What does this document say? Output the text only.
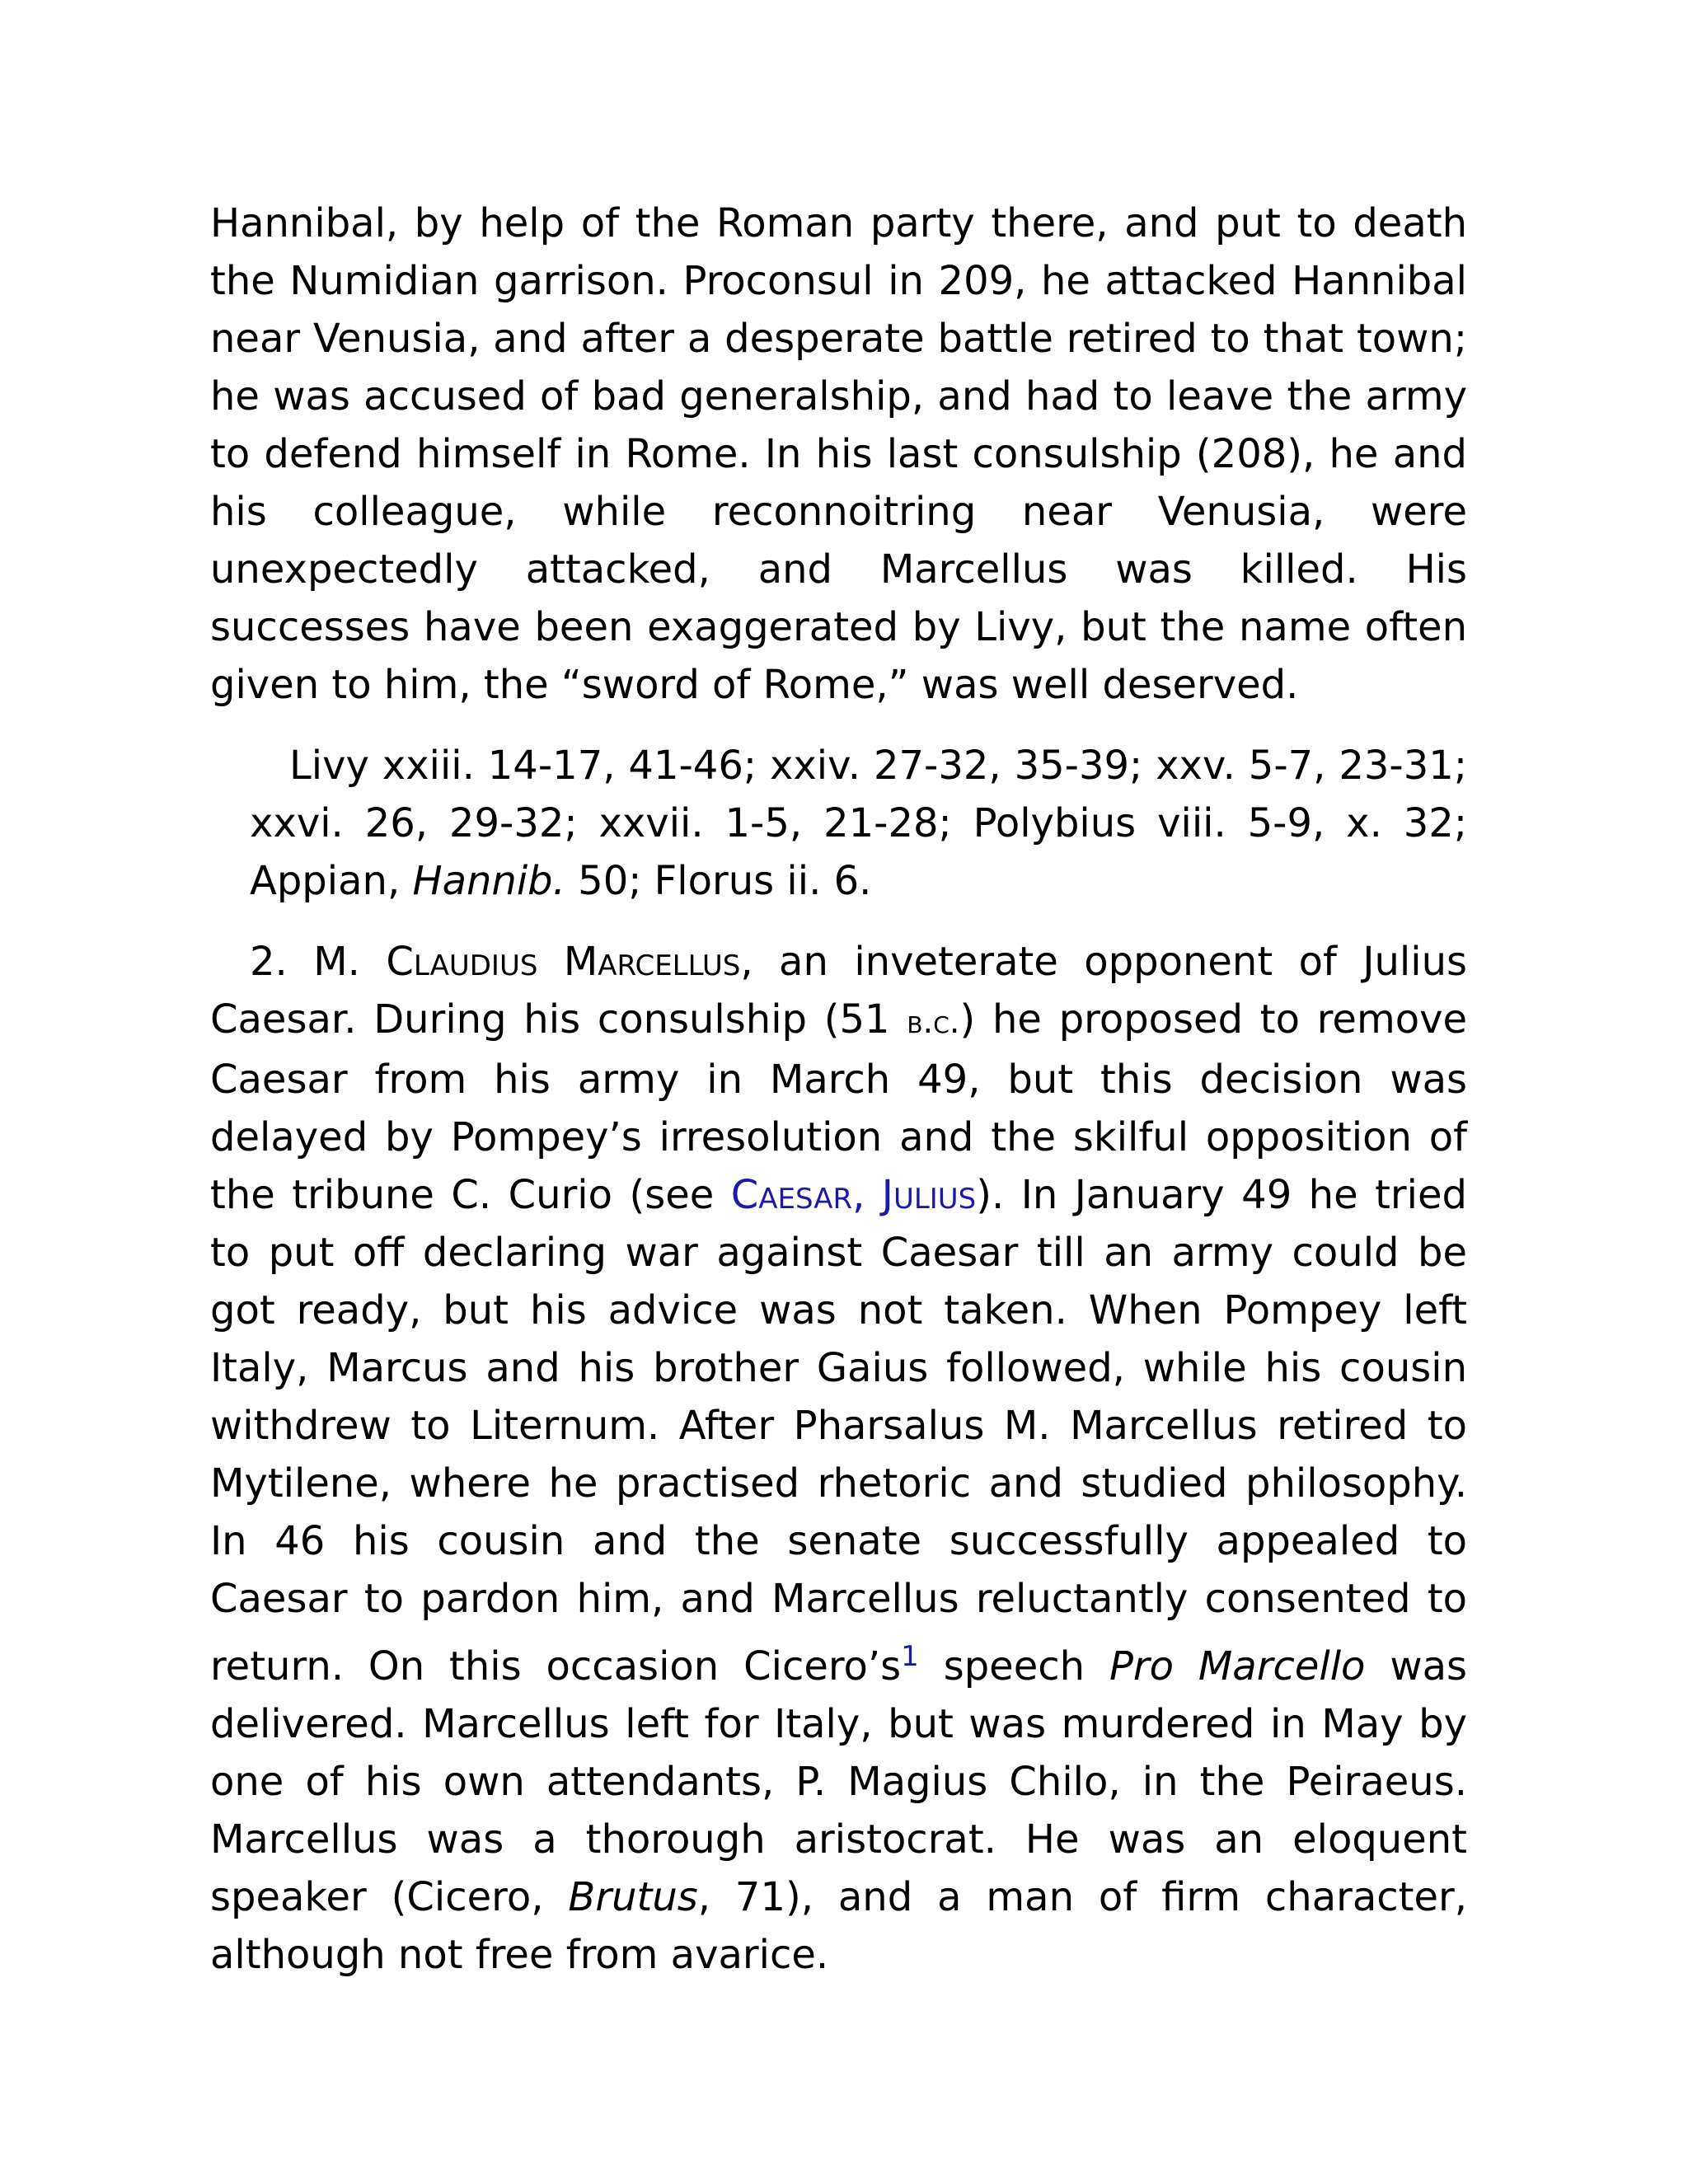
Hannibal, by help of the Roman party there, and put to death the Numidian garrison. Proconsul in 209, he attacked Hannibal near Venusia, and after a desperate battle retired to that town; he was accused of bad generalship, and had to leave the army to defend himself in Rome. In his last consulship (208), he and his colleague, while reconnoitring near Venusia, were unexpectedly attacked, and Marcellus was killed. His successes have been exaggerated by Livy, but the name often given to him, the “sword of Rome,” was well deserved.

Livy xxiii. 14-17, 41-46; xxiv. 27-32, 35-39; xxv. 5-7, 23-31; xxvi. 26, 29-32; xxvii. 1-5, 21-28; Polybius viii. 5-9, x. 32; Appian, Hannib. 50; Florus ii. 6.

2. M. Claudius Marcellus, an inveterate opponent of Julius Caesar. During his consulship (51 b.c.) he proposed to remove Caesar from his army in March 49, but this decision was delayed by Pompey’s irresolution and the skilful opposition of the tribune C. Curio (see Caesar, Julius). In January 49 he tried to put off declaring war against Caesar till an army could be got ready, but his advice was not taken. When Pompey left Italy, Marcus and his brother Gaius followed, while his cousin withdrew to Liternum. After Pharsalus M. Marcellus retired to Mytilene, where he practised rhetoric and studied philosophy. In 46 his cousin and the senate successfully appealed to Caesar to pardon him, and Marcellus reluctantly consented to return. On this occasion Cicero’s$^1$ speech Pro Marcello was delivered. Marcellus left for Italy, but was murdered in May by one of his own attendants, P. Magius Chilo, in the Peiraeus. Marcellus was a thorough aristocrat. He was an eloquent speaker (Cicero, Brutus, 71), and a man of firm character, although not free from avarice.
